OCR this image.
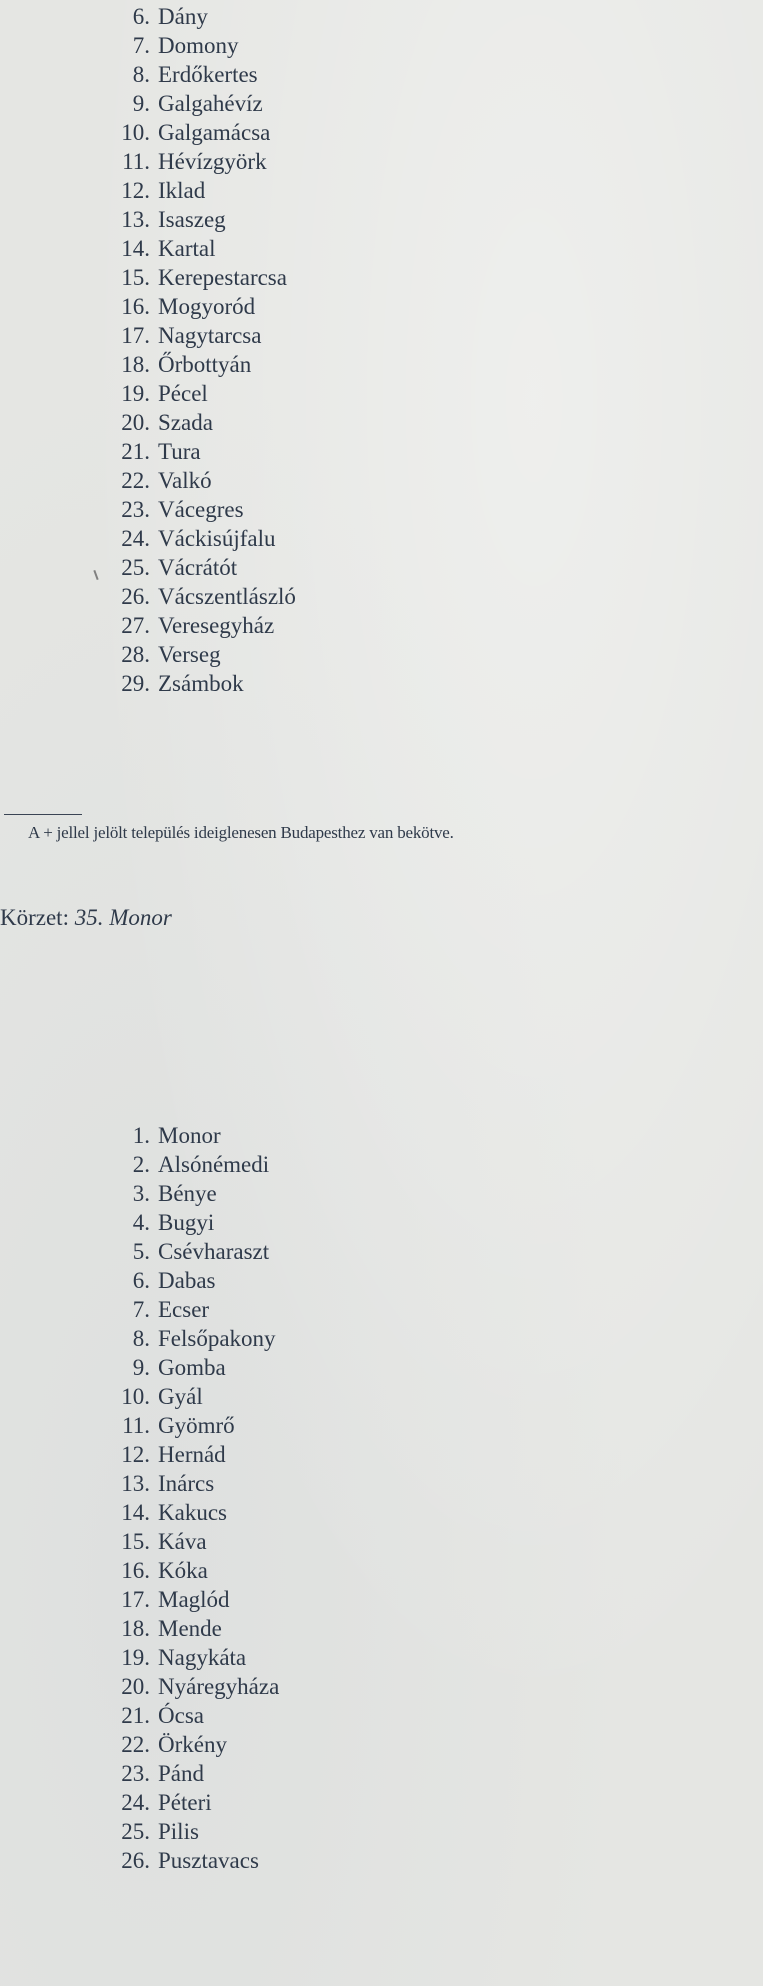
6. Dány
7. Domony
8. Erdőkertes
9. Galgahévíz
10. Galgamácsa
11. Hévízgyörk
12. Iklad
13. Isaszeg
14. Kartal
15. Kerepestarcsa
16. Mogyoród
17. Nagytarcsa
18. Őrbottyán
19. Pécel
20. Szada
21. Tura
22. Valkó
23. Vácegres
24. Váckisújfalu
25. Vácrátót
26. Vácszentlászló
27. Veresegyház
28. Verseg
29. Zsámbok
A + jellel jelölt település ideiglenesen Budapesthez van bekötve.
Körzet: 35. Monor
1. Monor
2. Alsónémedi
3. Bénye
4. Bugyi
5. Csévharaszt
6. Dabas
7. Ecser
8. Felsőpakony
9. Gomba
10. Gyál
11. Gyömrő
12. Hernád
13. Inárcs
14. Kakucs
15. Káva
16. Kóka
17. Maglód
18. Mende
19. Nagykáta
20. Nyáregyháza
21. Ócsa
22. Örkény
23. Pánd
24. Péteri
25. Pilis
26. Pusztavacs
